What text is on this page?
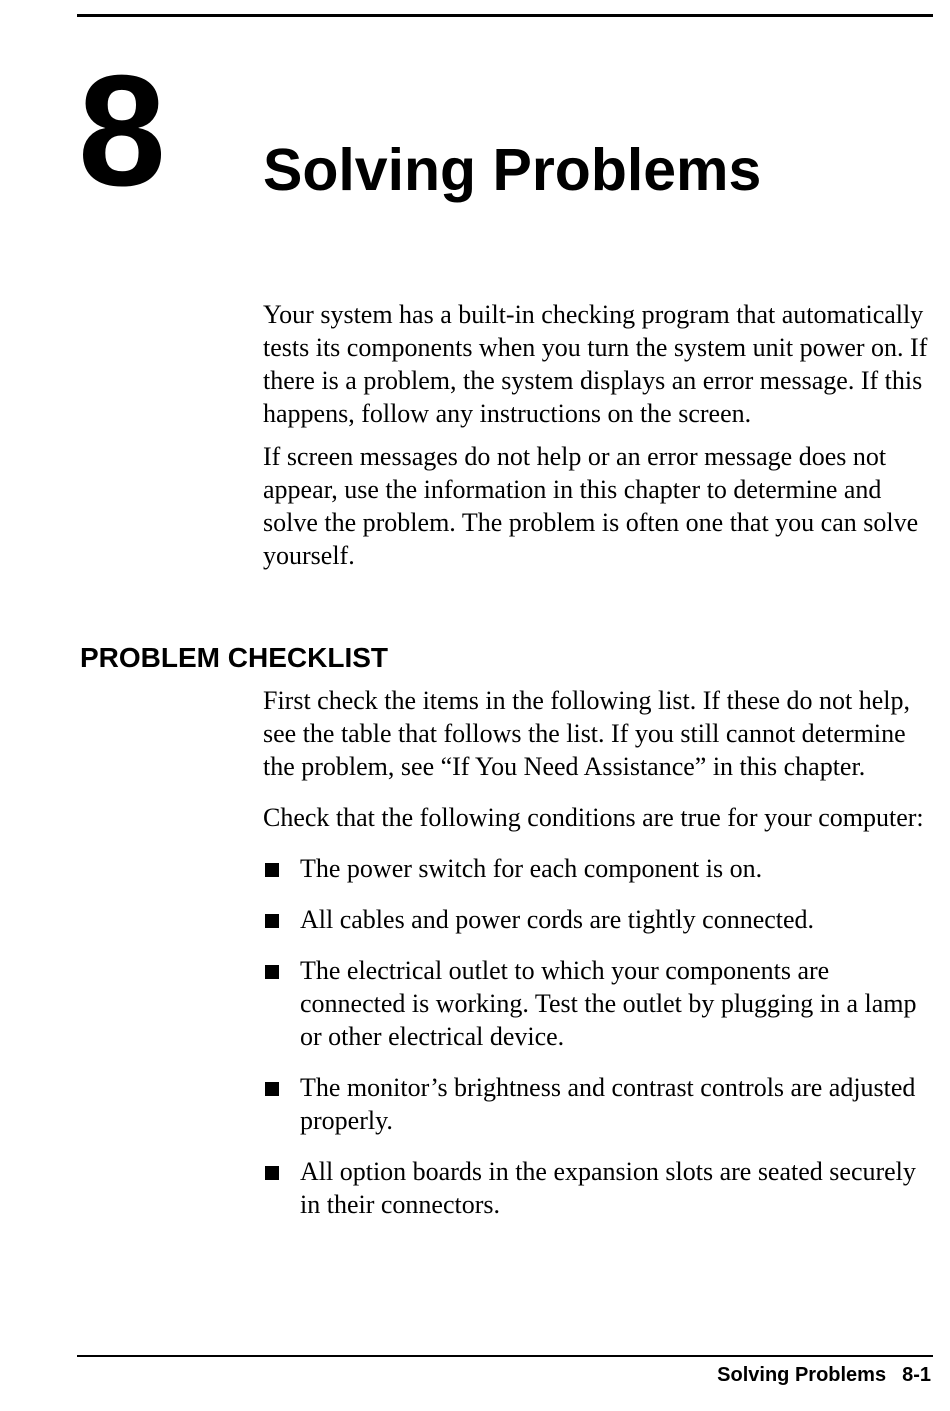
8 Solving Problems

Your system has a built-in checking program that automatically tests its components when you turn the system unit power on. If there is a problem, the system displays an error message. If this happens, follow any instructions on the screen.

If screen messages do not help or an error message does not appear, use the information in this chapter to determine and solve the problem. The problem is often one that you can solve yourself.

PROBLEM CHECKLIST

First check the items in the following list. If these do not help, see the table that follows the list. If you still cannot determine the problem, see “If You Need Assistance” in this chapter.

Check that the following conditions are true for your computer:

The power switch for each component is on.
All cables and power cords are tightly connected.
The electrical outlet to which your components are connected is working. Test the outlet by plugging in a lamp or other electrical device.
The monitor’s brightness and contrast controls are adjusted properly.
All option boards in the expansion slots are seated securely in their connectors.
Solving Problems 8-1
